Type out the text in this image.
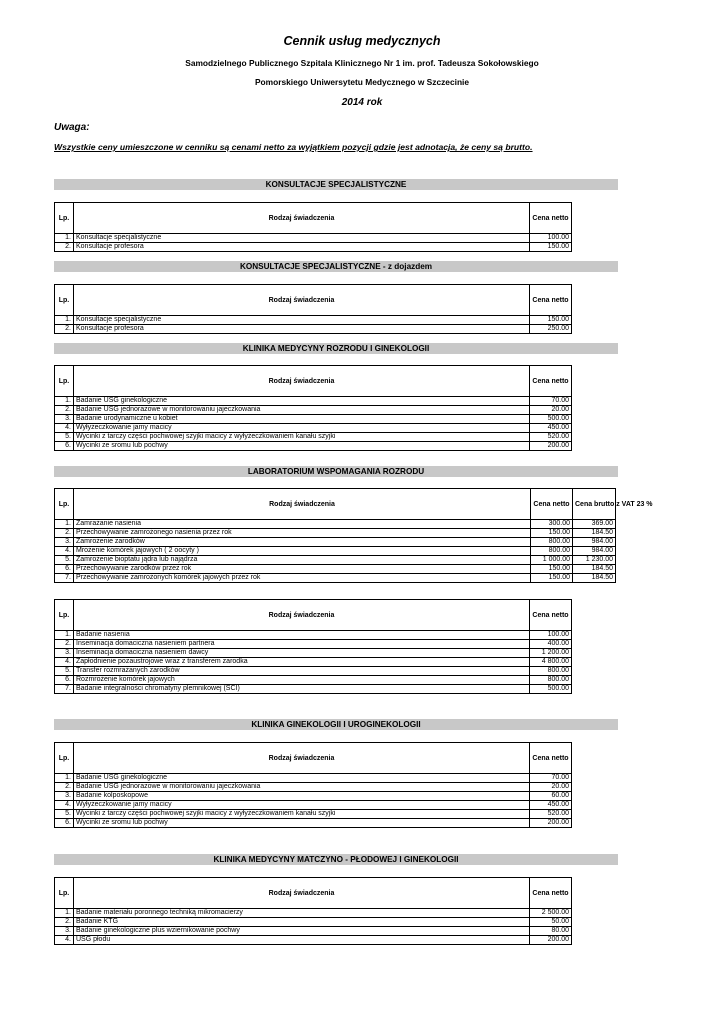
Cennik usług medycznych
Samodzielnego Publicznego Szpitala Klinicznego Nr 1 im. prof. Tadeusza Sokołowskiego
Pomorskiego Uniwersytetu Medycznego w Szczecinie
2014 rok
Uwaga:
Wszystkie ceny umieszczone w cenniku są cenami netto za wyjątkiem pozycji gdzie jest adnotacja, że ceny są brutto.
KONSULTACJE SPECJALISTYCZNE
Lp.	Rodzaj świadczenia	Cena netto
1.	Konsultacje specjalistyczne	100.00
2.	Konsultacje profesora	150.00
KONSULTACJE SPECJALISTYCZNE - z dojazdem
Lp.	Rodzaj świadczenia	Cena netto
1.	Konsultacje specjalistyczne	150.00
2.	Konsultacje profesora	250.00
KLINIKA MEDYCYNY ROZRODU I GINEKOLOGII
Lp.	Rodzaj świadczenia	Cena netto
1.	Badanie USG ginekologiczne	70.00
2.	Badanie USG jednorazowe w monitorowaniu jajeczkowania	20.00
3.	Badanie urodynamiczne u kobiet	500.00
4.	Wyłyżeczkowanie jamy macicy	450.00
5.	Wycinki z tarczy części pochwowej szyjki macicy z wyłyżeczkowaniem kanału szyjki	520.00
6.	Wycinki ze sromu lub pochwy	200.00
LABORATORIUM WSPOMAGANIA ROZRODU
Lp.	Rodzaj świadczenia	Cena netto	Cena brutto z VAT 23 %
1.	Zamrażanie nasienia	300.00	369.00
2.	Przechowywanie zamrożonego nasienia przez rok	150.00	184.50
3.	Zamrożenie zarodków	800.00	984.00
4.	Mrożenie komórek jajowych ( 2 oocyty )	800.00	984.00
5.	Zamrożenie bioptatu jądra lub najądrza	1 000.00	1 230.00
6.	Przechowywanie zarodków przez rok	150.00	184.50
7.	Przechowywanie zamrożonych komórek jajowych przez rok	150.00	184.50
Lp.	Rodzaj świadczenia	Cena netto
1.	Badanie nasienia	100.00
2.	Inseminacja domaciczna nasieniem partnera	400.00
3.	Inseminacja domaciczna nasieniem dawcy	1 200.00
4.	Zapłodnienie pozaustrojowe wraz z transferem zarodka	4 800.00
5.	Transfer rozmrażanych zarodków	800.00
6.	Rozmrożenie komórek jajowych	800.00
7.	Badanie integralności chromatyny plemnikowej (SCI)	500.00
KLINIKA GINEKOLOGII I UROGINEKOLOGII
Lp.	Rodzaj świadczenia	Cena netto
1.	Badanie USG ginekologiczne	70.00
2.	Badanie USG jednorazowe w monitorowaniu jajeczkowania	20.00
3.	Badanie kolposkopowe	60.00
4.	Wyłyżeczkowanie jamy macicy	450.00
5.	Wycinki z tarczy części pochwowej szyjki macicy z wyłyżeczkowaniem kanału szyjki	520.00
6.	Wycinki ze sromu lub pochwy	200.00
KLINIKA MEDYCYNY MATCZYNO - PŁODOWEJ I GINEKOLOGII
Lp.	Rodzaj świadczenia	Cena netto
1.	Badanie materiału poronnego techniką mikromacierzy	2 500.00
2.	Badanie KTG	50.00
3.	Badanie ginekologiczne plus wziernikowanie pochwy	80.00
4.	USG płodu	200.00
